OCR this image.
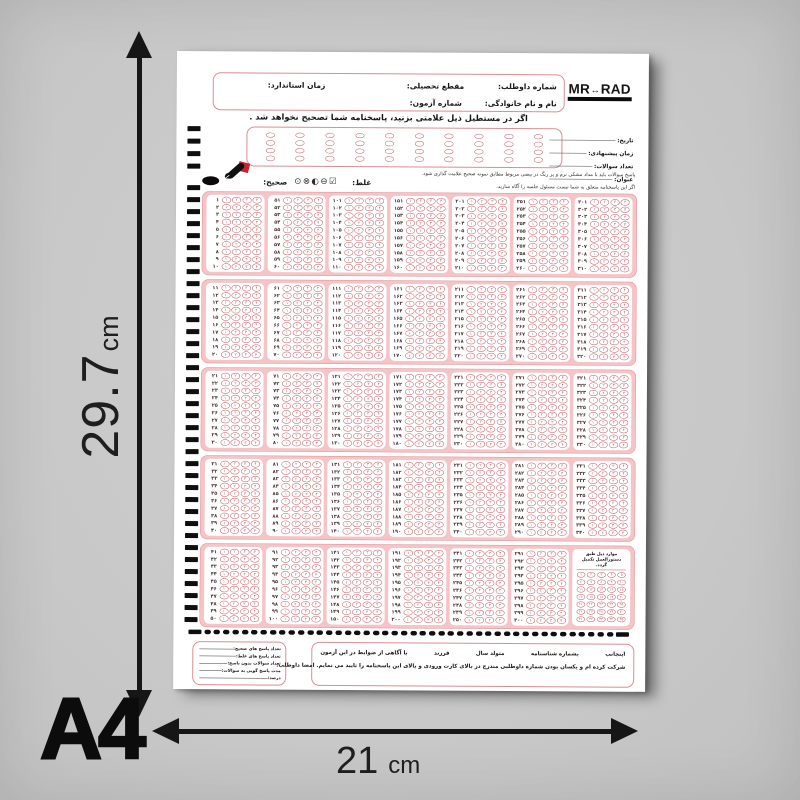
29.7cm
21 cm
A4
MR↔RAD
شماره داوطلب:
مقطع تحصیلی:
زمان استاندارد:
نام و نام خانوادگی:
شماره آزمون:
اگر در مستطیل ذیل علامتی بزنید، پاسخنامه شما تصحیح نخواهد شد .
تاریخ:
زمان پیشنهادی:
تعداد سوالات:
عنوان:
پاسخ سوالات باید با مداد مشکی نرم و پر رنگ در بیضی مربوط مطابق نمونه صحیح علامت گذاری شود.
اگر این پاسخنامه متعلق به شما نیست مسئول جلسه را آگاه سازید.
صحیح: ⊙⊗◐⊖☑ غلط:
۱ ۱	۲	۳	۴
۲ ۱	۲	۳	۴
۳ ۱	۲	۳	۴
۴ ۱	۲	۳	۴
۵ ۱	۲	۳	۴
۶ ۱	۲	۳	۴
۷ ۱	۲	۳	۴
۸ ۱	۲	۳	۴
۹ ۱	۲	۳	۴
۱۰ ۱	۲	۳	۴
۵۱ ۱	۲	۳	۴
۵۲ ۱	۲	۳	۴
۵۳ ۱	۲	۳	۴
۵۴ ۱	۲	۳	۴
۵۵ ۱	۲	۳	۴
۵۶ ۱	۲	۳	۴
۵۷ ۱	۲	۳	۴
۵۸ ۱	۲	۳	۴
۵۹ ۱	۲	۳	۴
۶۰ ۱	۲	۳	۴
۱۰۱ ۱	۲	۳	۴
۱۰۲ ۱	۲	۳	۴
۱۰۳ ۱	۲	۳	۴
۱۰۴ ۱	۲	۳	۴
۱۰۵ ۱	۲	۳	۴
۱۰۶ ۱	۲	۳	۴
۱۰۷ ۱	۲	۳	۴
۱۰۸ ۱	۲	۳	۴
۱۰۹ ۱	۲	۳	۴
۱۱۰ ۱	۲	۳	۴
۱۵۱ ۱	۲	۳	۴
۱۵۲ ۱	۲	۳	۴
۱۵۳ ۱	۲	۳	۴
۱۵۴ ۱	۲	۳	۴
۱۵۵ ۱	۲	۳	۴
۱۵۶ ۱	۲	۳	۴
۱۵۷ ۱	۲	۳	۴
۱۵۸ ۱	۲	۳	۴
۱۵۹ ۱	۲	۳	۴
۱۶۰ ۱	۲	۳	۴
۲۰۱ ۱	۲	۳	۴
۲۰۲ ۱	۲	۳	۴
۲۰۳ ۱	۲	۳	۴
۲۰۴ ۱	۲	۳	۴
۲۰۵ ۱	۲	۳	۴
۲۰۶ ۱	۲	۳	۴
۲۰۷ ۱	۲	۳	۴
۲۰۸ ۱	۲	۳	۴
۲۰۹ ۱	۲	۳	۴
۲۱۰ ۱	۲	۳	۴
۲۵۱ ۱	۲	۳	۴
۲۵۲ ۱	۲	۳	۴
۲۵۳ ۱	۲	۳	۴
۲۵۴ ۱	۲	۳	۴
۲۵۵ ۱	۲	۳	۴
۲۵۶ ۱	۲	۳	۴
۲۵۷ ۱	۲	۳	۴
۲۵۸ ۱	۲	۳	۴
۲۵۹ ۱	۲	۳	۴
۲۶۰ ۱	۲	۳	۴
۳۰۱ ۱	۲	۳	۴
۳۰۲ ۱	۲	۳	۴
۳۰۳ ۱	۲	۳	۴
۳۰۴ ۱	۲	۳	۴
۳۰۵ ۱	۲	۳	۴
۳۰۶ ۱	۲	۳	۴
۳۰۷ ۱	۲	۳	۴
۳۰۸ ۱	۲	۳	۴
۳۰۹ ۱	۲	۳	۴
۳۱۰ ۱	۲	۳	۴
۱۱ ۱	۲	۳	۴
۱۲ ۱	۲	۳	۴
۱۳ ۱	۲	۳	۴
۱۴ ۱	۲	۳	۴
۱۵ ۱	۲	۳	۴
۱۶ ۱	۲	۳	۴
۱۷ ۱	۲	۳	۴
۱۸ ۱	۲	۳	۴
۱۹ ۱	۲	۳	۴
۲۰ ۱	۲	۳	۴
۶۱ ۱	۲	۳	۴
۶۲ ۱	۲	۳	۴
۶۳ ۱	۲	۳	۴
۶۴ ۱	۲	۳	۴
۶۵ ۱	۲	۳	۴
۶۶ ۱	۲	۳	۴
۶۷ ۱	۲	۳	۴
۶۸ ۱	۲	۳	۴
۶۹ ۱	۲	۳	۴
۷۰ ۱	۲	۳	۴
۱۱۱ ۱	۲	۳	۴
۱۱۲ ۱	۲	۳	۴
۱۱۳ ۱	۲	۳	۴
۱۱۴ ۱	۲	۳	۴
۱۱۵ ۱	۲	۳	۴
۱۱۶ ۱	۲	۳	۴
۱۱۷ ۱	۲	۳	۴
۱۱۸ ۱	۲	۳	۴
۱۱۹ ۱	۲	۳	۴
۱۲۰ ۱	۲	۳	۴
۱۶۱ ۱	۲	۳	۴
۱۶۲ ۱	۲	۳	۴
۱۶۳ ۱	۲	۳	۴
۱۶۴ ۱	۲	۳	۴
۱۶۵ ۱	۲	۳	۴
۱۶۶ ۱	۲	۳	۴
۱۶۷ ۱	۲	۳	۴
۱۶۸ ۱	۲	۳	۴
۱۶۹ ۱	۲	۳	۴
۱۷۰ ۱	۲	۳	۴
۲۱۱ ۱	۲	۳	۴
۲۱۲ ۱	۲	۳	۴
۲۱۳ ۱	۲	۳	۴
۲۱۴ ۱	۲	۳	۴
۲۱۵ ۱	۲	۳	۴
۲۱۶ ۱	۲	۳	۴
۲۱۷ ۱	۲	۳	۴
۲۱۸ ۱	۲	۳	۴
۲۱۹ ۱	۲	۳	۴
۲۲۰ ۱	۲	۳	۴
۲۶۱ ۱	۲	۳	۴
۲۶۲ ۱	۲	۳	۴
۲۶۳ ۱	۲	۳	۴
۲۶۴ ۱	۲	۳	۴
۲۶۵ ۱	۲	۳	۴
۲۶۶ ۱	۲	۳	۴
۲۶۷ ۱	۲	۳	۴
۲۶۸ ۱	۲	۳	۴
۲۶۹ ۱	۲	۳	۴
۲۷۰ ۱	۲	۳	۴
۳۱۱ ۱	۲	۳	۴
۳۱۲ ۱	۲	۳	۴
۳۱۳ ۱	۲	۳	۴
۳۱۴ ۱	۲	۳	۴
۳۱۵ ۱	۲	۳	۴
۳۱۶ ۱	۲	۳	۴
۳۱۷ ۱	۲	۳	۴
۳۱۸ ۱	۲	۳	۴
۳۱۹ ۱	۲	۳	۴
۳۲۰ ۱	۲	۳	۴
۲۱ ۱	۲	۳	۴
۲۲ ۱	۲	۳	۴
۲۳ ۱	۲	۳	۴
۲۴ ۱	۲	۳	۴
۲۵ ۱	۲	۳	۴
۲۶ ۱	۲	۳	۴
۲۷ ۱	۲	۳	۴
۲۸ ۱	۲	۳	۴
۲۹ ۱	۲	۳	۴
۳۰ ۱	۲	۳	۴
۷۱ ۱	۲	۳	۴
۷۲ ۱	۲	۳	۴
۷۳ ۱	۲	۳	۴
۷۴ ۱	۲	۳	۴
۷۵ ۱	۲	۳	۴
۷۶ ۱	۲	۳	۴
۷۷ ۱	۲	۳	۴
۷۸ ۱	۲	۳	۴
۷۹ ۱	۲	۳	۴
۸۰ ۱	۲	۳	۴
۱۲۱ ۱	۲	۳	۴
۱۲۲ ۱	۲	۳	۴
۱۲۳ ۱	۲	۳	۴
۱۲۴ ۱	۲	۳	۴
۱۲۵ ۱	۲	۳	۴
۱۲۶ ۱	۲	۳	۴
۱۲۷ ۱	۲	۳	۴
۱۲۸ ۱	۲	۳	۴
۱۲۹ ۱	۲	۳	۴
۱۳۰ ۱	۲	۳	۴
۱۷۱ ۱	۲	۳	۴
۱۷۲ ۱	۲	۳	۴
۱۷۳ ۱	۲	۳	۴
۱۷۴ ۱	۲	۳	۴
۱۷۵ ۱	۲	۳	۴
۱۷۶ ۱	۲	۳	۴
۱۷۷ ۱	۲	۳	۴
۱۷۸ ۱	۲	۳	۴
۱۷۹ ۱	۲	۳	۴
۱۸۰ ۱	۲	۳	۴
۲۲۱ ۱	۲	۳	۴
۲۲۲ ۱	۲	۳	۴
۲۲۳ ۱	۲	۳	۴
۲۲۴ ۱	۲	۳	۴
۲۲۵ ۱	۲	۳	۴
۲۲۶ ۱	۲	۳	۴
۲۲۷ ۱	۲	۳	۴
۲۲۸ ۱	۲	۳	۴
۲۲۹ ۱	۲	۳	۴
۲۳۰ ۱	۲	۳	۴
۲۷۱ ۱	۲	۳	۴
۲۷۲ ۱	۲	۳	۴
۲۷۳ ۱	۲	۳	۴
۲۷۴ ۱	۲	۳	۴
۲۷۵ ۱	۲	۳	۴
۲۷۶ ۱	۲	۳	۴
۲۷۷ ۱	۲	۳	۴
۲۷۸ ۱	۲	۳	۴
۲۷۹ ۱	۲	۳	۴
۲۸۰ ۱	۲	۳	۴
۳۲۱ ۱	۲	۳	۴
۳۲۲ ۱	۲	۳	۴
۳۲۳ ۱	۲	۳	۴
۳۲۴ ۱	۲	۳	۴
۳۲۵ ۱	۲	۳	۴
۳۲۶ ۱	۲	۳	۴
۳۲۷ ۱	۲	۳	۴
۳۲۸ ۱	۲	۳	۴
۳۲۹ ۱	۲	۳	۴
۳۳۰ ۱	۲	۳	۴
۳۱ ۱	۲	۳	۴
۳۲ ۱	۲	۳	۴
۳۳ ۱	۲	۳	۴
۳۴ ۱	۲	۳	۴
۳۵ ۱	۲	۳	۴
۳۶ ۱	۲	۳	۴
۳۷ ۱	۲	۳	۴
۳۸ ۱	۲	۳	۴
۳۹ ۱	۲	۳	۴
۴۰ ۱	۲	۳	۴
۸۱ ۱	۲	۳	۴
۸۲ ۱	۲	۳	۴
۸۳ ۱	۲	۳	۴
۸۴ ۱	۲	۳	۴
۸۵ ۱	۲	۳	۴
۸۶ ۱	۲	۳	۴
۸۷ ۱	۲	۳	۴
۸۸ ۱	۲	۳	۴
۸۹ ۱	۲	۳	۴
۹۰ ۱	۲	۳	۴
۱۳۱ ۱	۲	۳	۴
۱۳۲ ۱	۲	۳	۴
۱۳۳ ۱	۲	۳	۴
۱۳۴ ۱	۲	۳	۴
۱۳۵ ۱	۲	۳	۴
۱۳۶ ۱	۲	۳	۴
۱۳۷ ۱	۲	۳	۴
۱۳۸ ۱	۲	۳	۴
۱۳۹ ۱	۲	۳	۴
۱۴۰ ۱	۲	۳	۴
۱۸۱ ۱	۲	۳	۴
۱۸۲ ۱	۲	۳	۴
۱۸۳ ۱	۲	۳	۴
۱۸۴ ۱	۲	۳	۴
۱۸۵ ۱	۲	۳	۴
۱۸۶ ۱	۲	۳	۴
۱۸۷ ۱	۲	۳	۴
۱۸۸ ۱	۲	۳	۴
۱۸۹ ۱	۲	۳	۴
۱۹۰ ۱	۲	۳	۴
۲۳۱ ۱	۲	۳	۴
۲۳۲ ۱	۲	۳	۴
۲۳۳ ۱	۲	۳	۴
۲۳۴ ۱	۲	۳	۴
۲۳۵ ۱	۲	۳	۴
۲۳۶ ۱	۲	۳	۴
۲۳۷ ۱	۲	۳	۴
۲۳۸ ۱	۲	۳	۴
۲۳۹ ۱	۲	۳	۴
۲۴۰ ۱	۲	۳	۴
۲۸۱ ۱	۲	۳	۴
۲۸۲ ۱	۲	۳	۴
۲۸۳ ۱	۲	۳	۴
۲۸۴ ۱	۲	۳	۴
۲۸۵ ۱	۲	۳	۴
۲۸۶ ۱	۲	۳	۴
۲۸۷ ۱	۲	۳	۴
۲۸۸ ۱	۲	۳	۴
۲۸۹ ۱	۲	۳	۴
۲۹۰ ۱	۲	۳	۴
۳۳۱ ۱	۲	۳	۴
۳۳۲ ۱	۲	۳	۴
۳۳۳ ۱	۲	۳	۴
۳۳۴ ۱	۲	۳	۴
۳۳۵ ۱	۲	۳	۴
۳۳۶ ۱	۲	۳	۴
۳۳۷ ۱	۲	۳	۴
۳۳۸ ۱	۲	۳	۴
۳۳۹ ۱	۲	۳	۴
۳۴۰ ۱	۲	۳	۴
۴۱ ۱	۲	۳	۴
۴۲ ۱	۲	۳	۴
۴۳ ۱	۲	۳	۴
۴۴ ۱	۲	۳	۴
۴۵ ۱	۲	۳	۴
۴۶ ۱	۲	۳	۴
۴۷ ۱	۲	۳	۴
۴۸ ۱	۲	۳	۴
۴۹ ۱	۲	۳	۴
۵۰ ۱	۲	۳	۴
۹۱ ۱	۲	۳	۴
۹۲ ۱	۲	۳	۴
۹۳ ۱	۲	۳	۴
۹۴ ۱	۲	۳	۴
۹۵ ۱	۲	۳	۴
۹۶ ۱	۲	۳	۴
۹۷ ۱	۲	۳	۴
۹۸ ۱	۲	۳	۴
۹۹ ۱	۲	۳	۴
۱۰۰ ۱	۲	۳	۴
۱۴۱ ۱	۲	۳	۴
۱۴۲ ۱	۲	۳	۴
۱۴۳ ۱	۲	۳	۴
۱۴۴ ۱	۲	۳	۴
۱۴۵ ۱	۲	۳	۴
۱۴۶ ۱	۲	۳	۴
۱۴۷ ۱	۲	۳	۴
۱۴۸ ۱	۲	۳	۴
۱۴۹ ۱	۲	۳	۴
۱۵۰ ۱	۲	۳	۴
۱۹۱ ۱	۲	۳	۴
۱۹۲ ۱	۲	۳	۴
۱۹۳ ۱	۲	۳	۴
۱۹۴ ۱	۲	۳	۴
۱۹۵ ۱	۲	۳	۴
۱۹۶ ۱	۲	۳	۴
۱۹۷ ۱	۲	۳	۴
۱۹۸ ۱	۲	۳	۴
۱۹۹ ۱	۲	۳	۴
۲۰۰ ۱	۲	۳	۴
۲۴۱ ۱	۲	۳	۴
۲۴۲ ۱	۲	۳	۴
۲۴۳ ۱	۲	۳	۴
۲۴۴ ۱	۲	۳	۴
۲۴۵ ۱	۲	۳	۴
۲۴۶ ۱	۲	۳	۴
۲۴۷ ۱	۲	۳	۴
۲۴۸ ۱	۲	۳	۴
۲۴۹ ۱	۲	۳	۴
۲۵۰ ۱	۲	۳	۴
۲۹۱ ۱	۲	۳	۴
۲۹۲ ۱	۲	۳	۴
۲۹۳ ۱	۲	۳	۴
۲۹۴ ۱	۲	۳	۴
۲۹۵ ۱	۲	۳	۴
۲۹۶ ۱	۲	۳	۴
۲۹۷ ۱	۲	۳	۴
۲۹۸ ۱	۲	۳	۴
۲۹۹ ۱	۲	۳	۴
۳۰۰ ۱	۲	۳	۴
موارد ذیل طبق دستورالعمل تکمیل گردد.
۱	۲	۳	۴	۵
۶	۷	۸	۹	۱۰
۱۱ ۱۲ ۱۳ ۱۴ ۱۵
۱۶ ۱۷ ۱۸ ۱۹ ۲۰
۲۱ ۲۲ ۲۳ ۲۴ ۲۵
۲۶ ۲۷ ۲۸ ۲۹ ۳۰
۳۱ ۳۲ ۳۳ ۳۴ ۳۵
تعداد پاسخ های صحیح:
تعداد پاسخ های غلط:
تعداد سوالات بدون پاسخ:
مدت پاسخ گویی به سوالات:
درصد:
اینجانب
بشماره شناسنامه
متولد سال
فرزند
با آگاهی از ضوابط در این آزمون
شرکت کرده ام و یکسان بودن شماره داوطلبی مندرج در بالای کارت ورودی و بالای این پاسخنامه را تایید می نمایم. امضا داوطلب:
